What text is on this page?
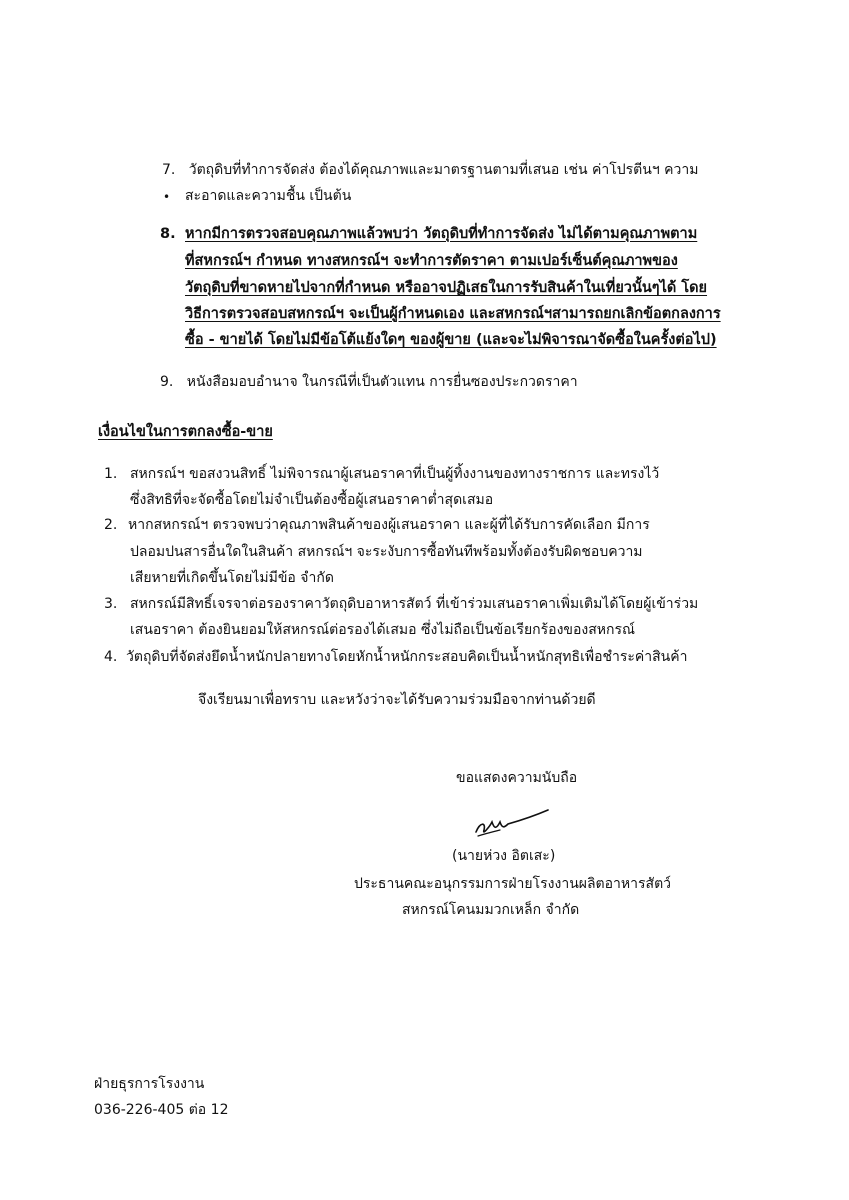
7. วัตถุดิบที่ทำการจัดส่ง ต้องได้คุณภาพและมาตรฐานตามที่เสนอ เช่น ค่าโปรตีนฯ ความ
• สะอาดและความชื้น เป็นต้น
8. หากมีการตรวจสอบคุณภาพแล้วพบว่า วัตถุดิบที่ทำการจัดส่ง ไม่ได้ตามคุณภาพตาม
ที่สหกรณ์ฯ กำหนด ทางสหกรณ์ฯ จะทำการตัดราคา ตามเปอร์เซ็นต์คุณภาพของ
วัตถุดิบที่ขาดหายไปจากที่กำหนด หรืออาจปฏิเสธในการรับสินค้าในเที่ยวนั้นๆได้ โดย
วิธีการตรวจสอบสหกรณ์ฯ จะเป็นผู้กำหนดเอง และสหกรณ์ฯสามารถยกเลิกข้อตกลงการ
ซื้อ - ขายได้ โดยไม่มีข้อโต้แย้งใดๆ ของผู้ขาย (และจะไม่พิจารณาจัดซื้อในครั้งต่อไป)
9. หนังสือมอบอำนาจ ในกรณีที่เป็นตัวแทน การยื่นซองประกวดราคา
เงื่อนไขในการตกลงซื้อ-ขาย
1. สหกรณ์ฯ ขอสงวนสิทธิ์ ไม่พิจารณาผู้เสนอราคาที่เป็นผู้ทิ้งงานของทางราชการ และทรงไว้
ซึ่งสิทธิที่จะจัดซื้อโดยไม่จำเป็นต้องซื้อผู้เสนอราคาต่ำสุดเสมอ
2. หากสหกรณ์ฯ ตรวจพบว่าคุณภาพสินค้าของผู้เสนอราคา และผู้ที่ได้รับการคัดเลือก มีการ
ปลอมปนสารอื่นใดในสินค้า สหกรณ์ฯ จะระงับการซื้อทันทีพร้อมทั้งต้องรับผิดชอบความ
เสียหายที่เกิดขึ้นโดยไม่มีข้อ จำกัด
3. สหกรณ์มีสิทธิ์เจรจาต่อรองราคาวัตถุดิบอาหารสัตว์ ที่เข้าร่วมเสนอราคาเพิ่มเติมได้โดยผู้เข้าร่วม
เสนอราคา ต้องยินยอมให้สหกรณ์ต่อรองได้เสมอ ซึ่งไม่ถือเป็นข้อเรียกร้องของสหกรณ์
4. วัตถุดิบที่จัดส่งยึดน้ำหนักปลายทางโดยหักน้ำหนักกระสอบคิดเป็นน้ำหนักสุทธิเพื่อชำระค่าสินค้า
จึงเรียนมาเพื่อทราบ และหวังว่าจะได้รับความร่วมมือจากท่านด้วยดี
ขอแสดงความนับถือ
(นายห่วง อิตเสะ)
ประธานคณะอนุกรรมการฝ่ายโรงงานผลิตอาหารสัตว์
สหกรณ์โคนมมวกเหล็ก จำกัด
ฝ่ายธุรการโรงงาน
036-226-405 ต่อ 12
